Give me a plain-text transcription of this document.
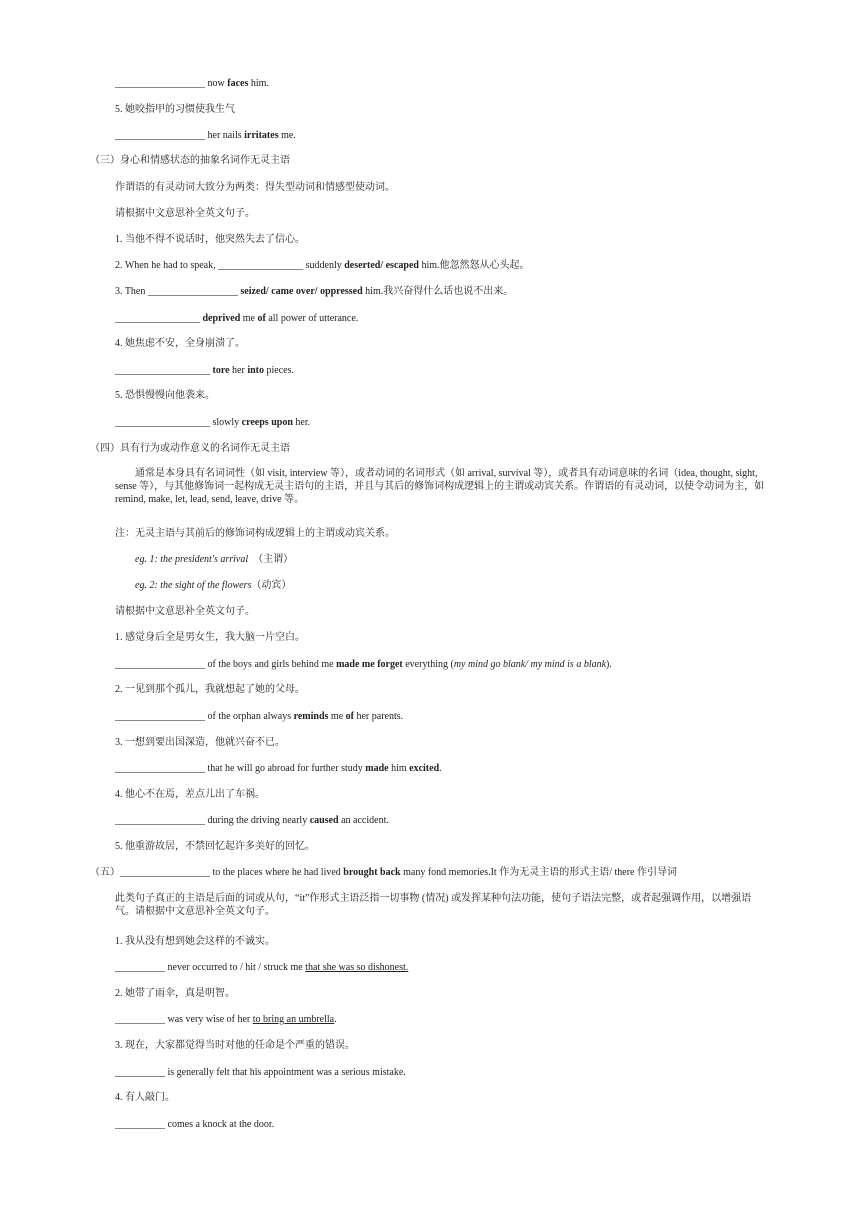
__________________ now faces him.
5. 她咬指甲的习惯使我生气
__________________ her nails irritates me.
（三）身心和情感状态的抽象名词作无灵主语
作谓语的有灵动词大致分为两类：得失型动词和情感型使动词。
请根据中文意思补全英文句子。
1. 当他不得不说话时，他突然失去了信心。
2. When he had to speak, _________________ suddenly deserted/ escaped him.他忽然怒从心头起。
3. Then __________________ seized/ came over/ oppressed him.我兴奋得什么话也说不出来。
_________________ deprived me of all power of utterance.
4. 她焦虑不安，全身崩溃了。
___________________ tore her into pieces.
5. 恐惧慢慢向他袭来。
___________________ slowly creeps upon her.
（四）具有行为或动作意义的名词作无灵主语
通常是本身具有名词词性（如 visit, interview 等），或者动词的名词形式（如 arrival, survival 等），或者具有动词意味的名词（idea, thought, sight, sense 等），与其他修饰词一起构成无灵主语句的主语，并且与其后的修饰词构成逻辑上的主谓或动宾关系。作谓语的有灵动词，以使令动词为主，如 remind, make, let, lead, send, leave, drive 等。
注：无灵主语与其前后的修饰词构成逻辑上的主谓或动宾关系。
eg. 1: the president's arrival  （主谓）
eg. 2: the sight of the flowers（动宾）
请根据中文意思补全英文句子。
1. 感觉身后全是男女生，我大脑一片空白。
__________________ of the boys and girls behind me made me forget everything (my mind go blank/ my mind is a blank).
2. 一见到那个孤儿，我就想起了她的父母。
__________________ of the orphan always reminds me of her parents.
3. 一想到要出国深造，他就兴奋不已。
__________________ that he will go abroad for further study made him excited.
4. 他心不在焉，差点儿出了车祸。
__________________ during the driving nearly caused an accident.
5. 他重游故居，不禁回忆起许多美好的回忆。
（五）__________________ to the places where he had lived brought back many fond memories.It 作为无灵主语的形式主语/ there 作引导词
此类句子真正的主语是后面的词或从句，“it”作形式主语泛指一切事物 (情况) 或发挥某种句法功能，使句子语法完整，或者起强调作用，以增强语气。请根据中文意思补全英文句子。
1. 我从没有想到她会这样的不诚实。
__________ never occurred to / hit / struck me that she was so dishonest.
2. 她带了雨伞，真是明智。
__________ was very wise of her to bring an umbrella.
3. 现在，大家都觉得当时对他的任命是个严重的错误。
__________ is generally felt that his appointment was a serious mistake.
4. 有人敲门。
__________ comes a knock at the door.
